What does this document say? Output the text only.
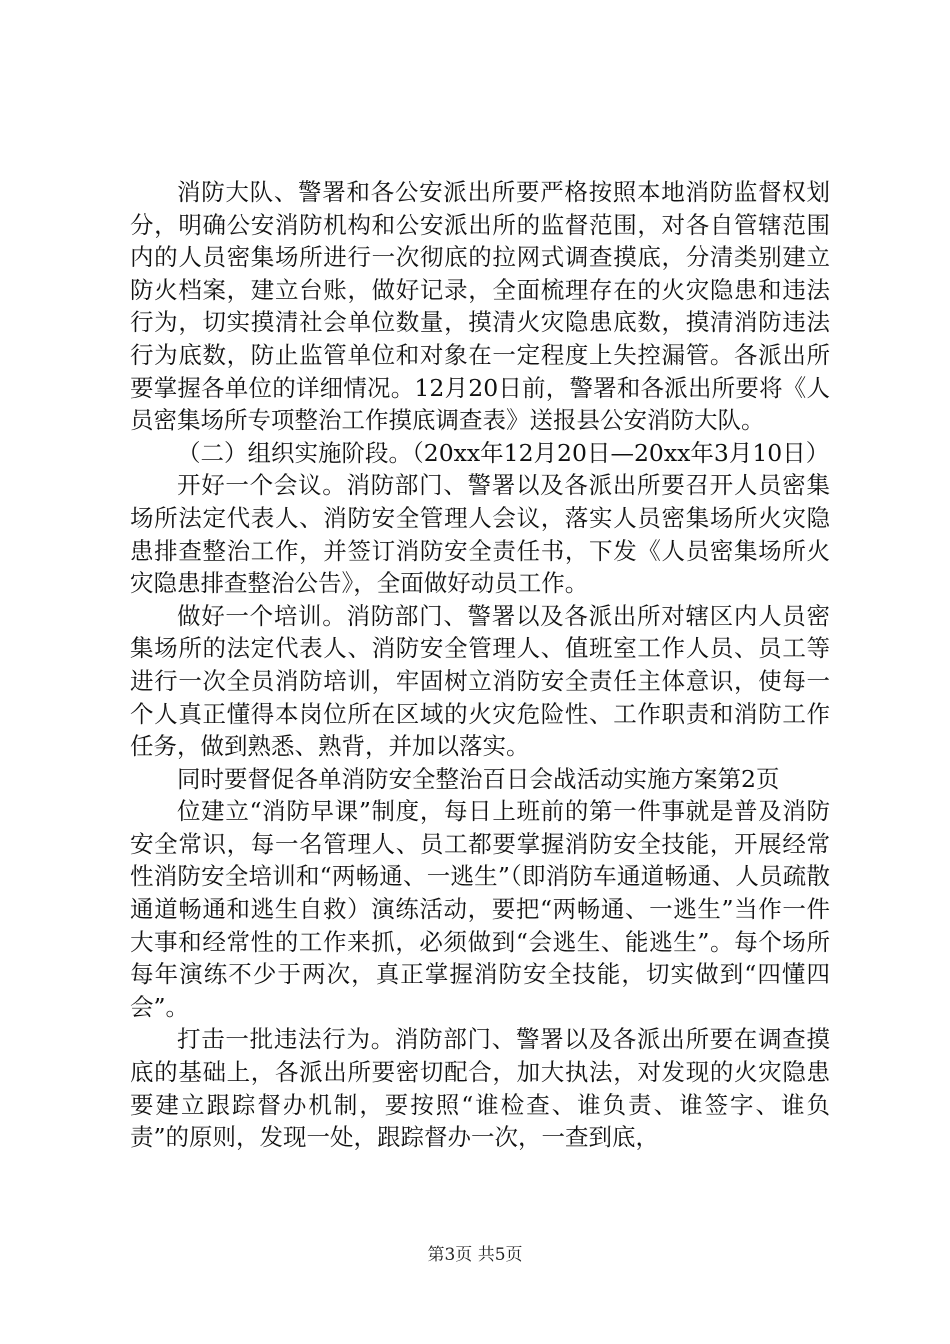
消防大队、警署和各公安派出所要严格按照本地消防监督权划分，明确公安消防机构和公安派出所的监督范围，对各自管辖范围内的人员密集场所进行一次彻底的拉网式调查摸底，分清类别建立防火档案，建立台账，做好记录，全面梳理存在的火灾隐患和违法行为，切实摸清社会单位数量，摸清火灾隐患底数，摸清消防违法行为底数，防止监管单位和对象在一定程度上失控漏管。各派出所要掌握各单位的详细情况。12月20日前，警署和各派出所要将《人员密集场所专项整治工作摸底调查表》送报县公安消防大队。

（二）组织实施阶段。（20xx年12月20日—20xx年3月10日）

开好一个会议。消防部门、警署以及各派出所要召开人员密集场所法定代表人、消防安全管理人会议，落实人员密集场所火灾隐患排查整治工作，并签订消防安全责任书，下发《人员密集场所火灾隐患排查整治公告》，全面做好动员工作。

做好一个培训。消防部门、警署以及各派出所对辖区内人员密集场所的法定代表人、消防安全管理人、值班室工作人员、员工等进行一次全员消防培训，牢固树立消防安全责任主体意识，使每一个人真正懂得本岗位所在区域的火灾危险性、工作职责和消防工作任务，做到熟悉、熟背，并加以落实。

同时要督促各单消防安全整治百日会战活动实施方案第2页

位建立“消防早课”制度，每日上班前的第一件事就是普及消防安全常识，每一名管理人、员工都要掌握消防安全技能，开展经常性消防安全培训和“两畅通、一逃生”（即消防车通道畅通、人员疏散通道畅通和逃生自救）演练活动，要把“两畅通、一逃生”当作一件大事和经常性的工作来抓，必须做到“会逃生、能逃生”。每个场所每年演练不少于两次，真正掌握消防安全技能，切实做到“四懂四会”。

打击一批违法行为。消防部门、警署以及各派出所要在调查摸底的基础上，各派出所要密切配合，加大执法，对发现的火灾隐患要建立跟踪督办机制，要按照“谁检查、谁负责、谁签字、谁负责”的原则，发现一处，跟踪督办一次，一查到底，

第3页 共5页
